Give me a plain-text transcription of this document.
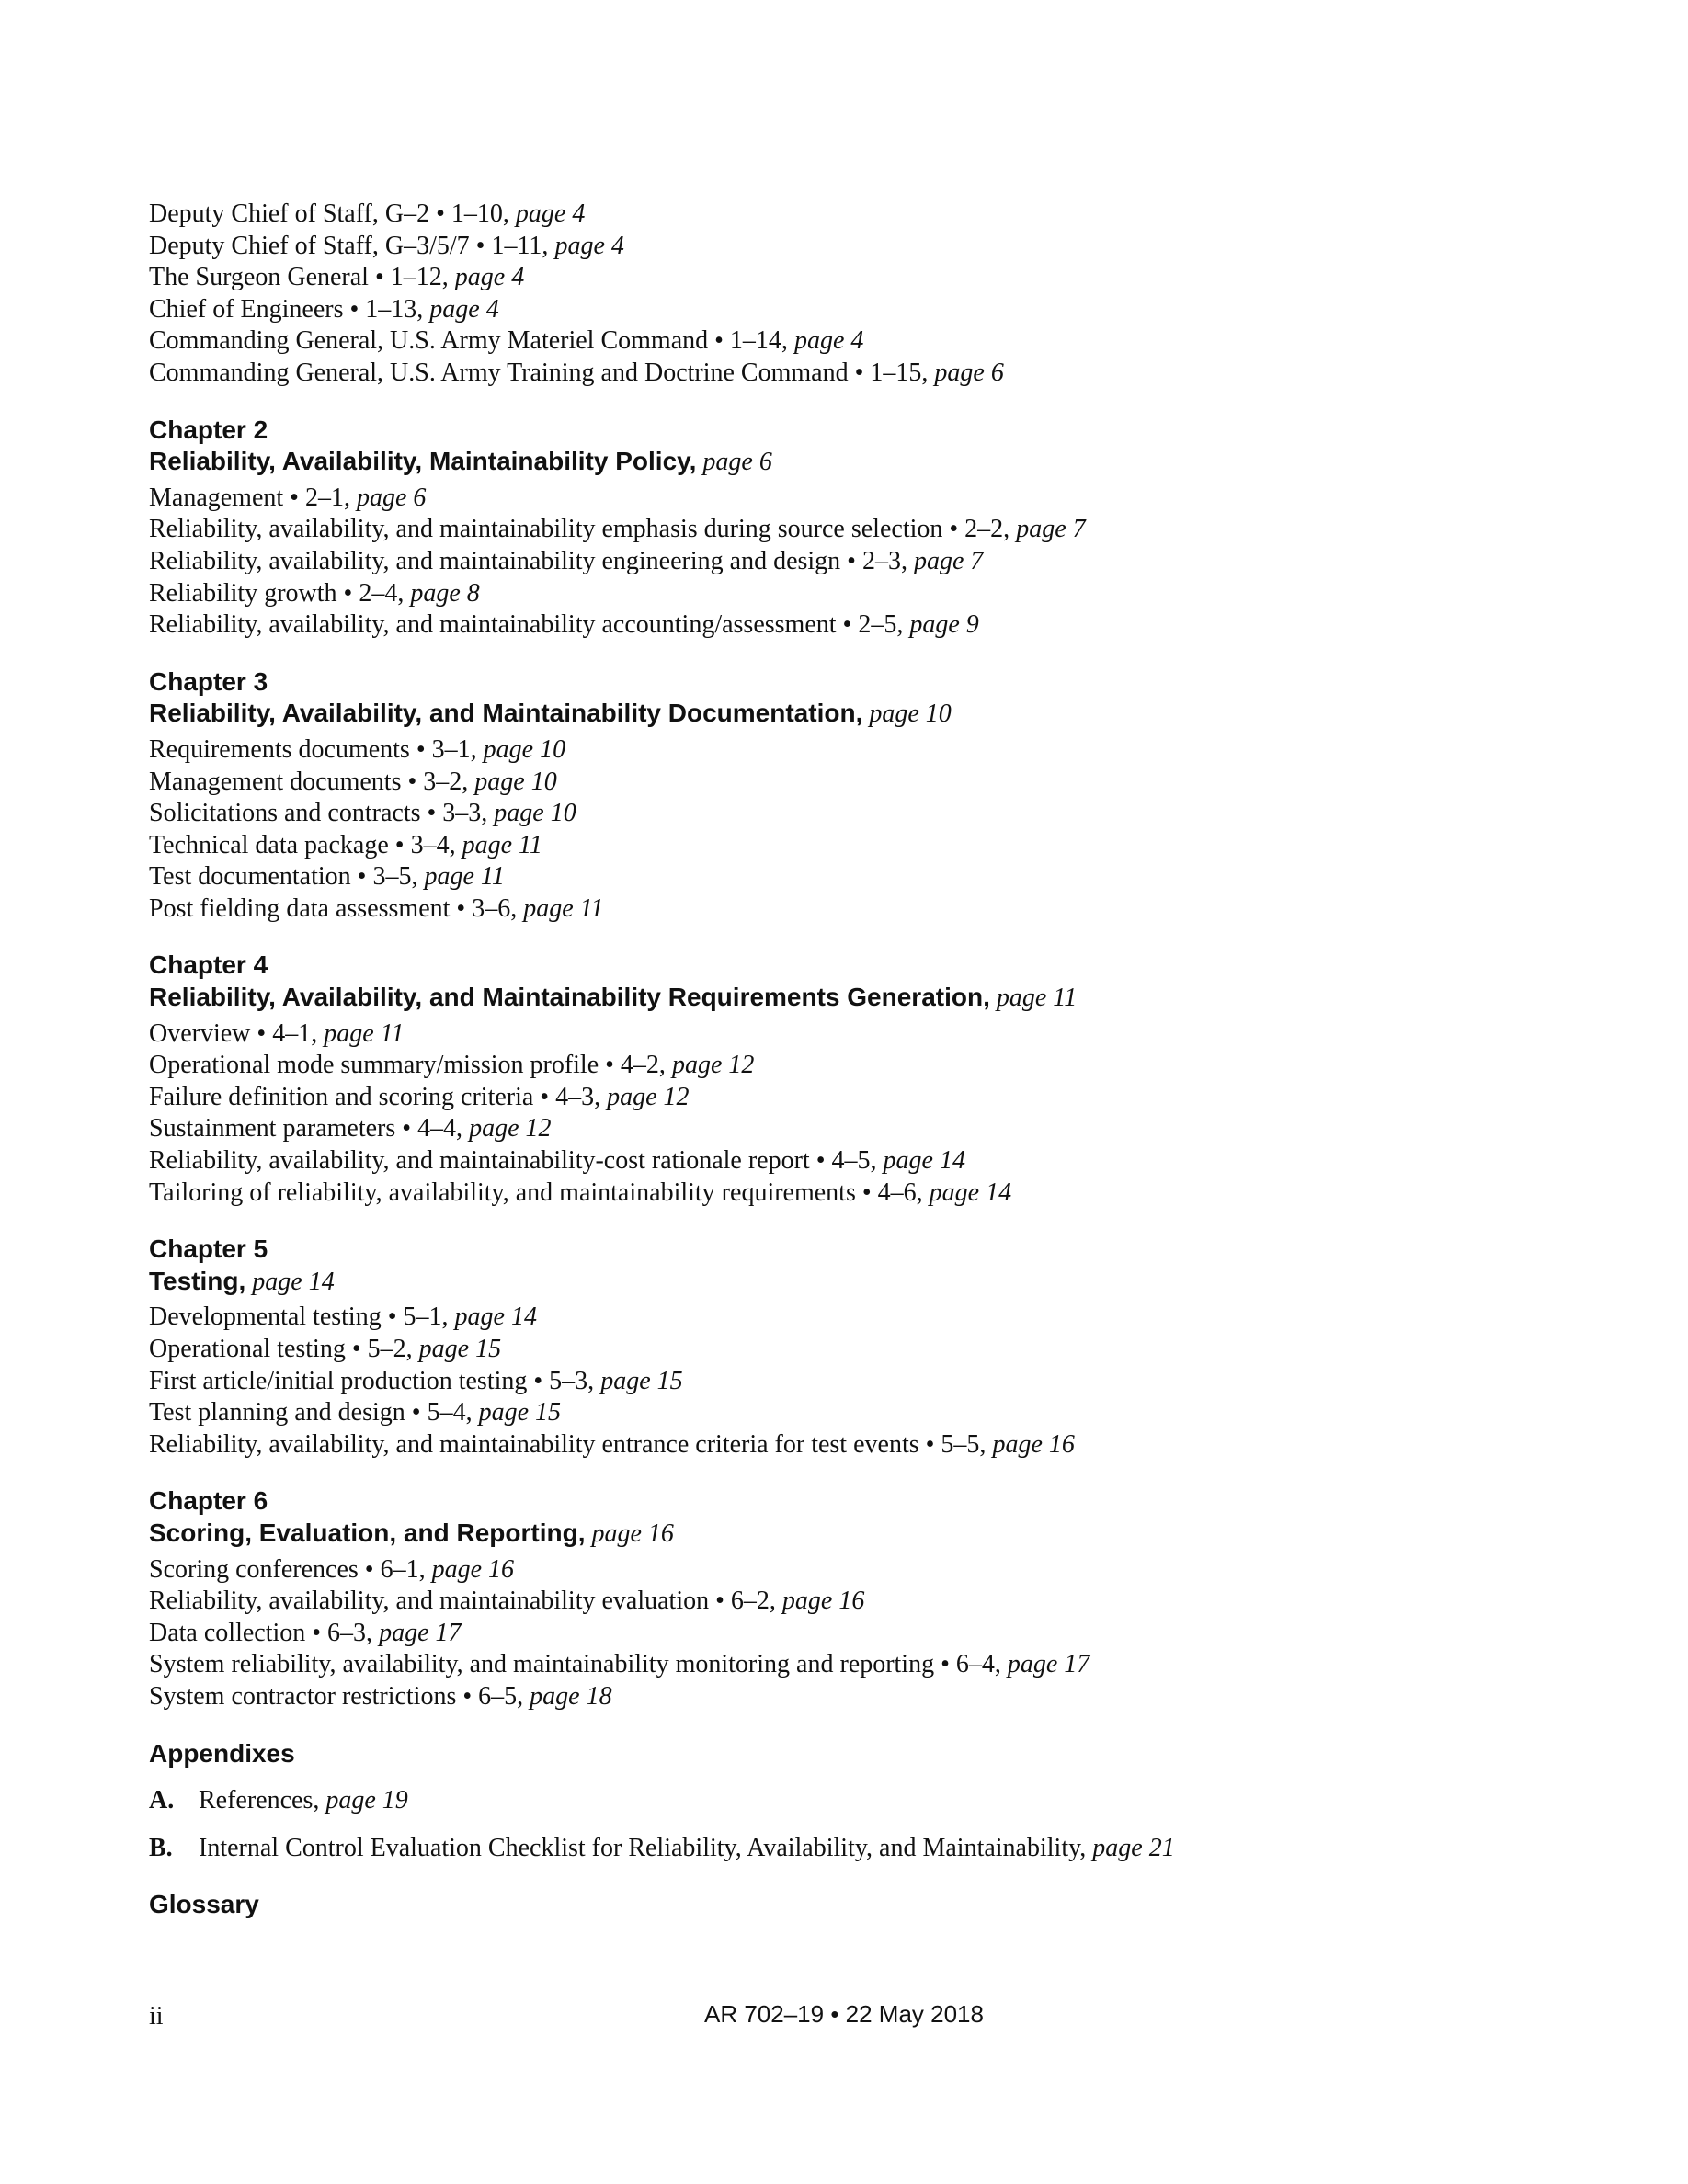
Deputy Chief of Staff, G–2 • 1–10, page 4
Deputy Chief of Staff, G–3/5/7 • 1–11, page 4
The Surgeon General • 1–12, page 4
Chief of Engineers • 1–13, page 4
Commanding General, U.S. Army Materiel Command • 1–14, page 4
Commanding General, U.S. Army Training and Doctrine Command • 1–15, page 6
Chapter 2
Reliability, Availability, Maintainability Policy, page 6
Management • 2–1, page 6
Reliability, availability, and maintainability emphasis during source selection • 2–2, page 7
Reliability, availability, and maintainability engineering and design • 2–3, page 7
Reliability growth • 2–4, page 8
Reliability, availability, and maintainability accounting/assessment • 2–5, page 9
Chapter 3
Reliability, Availability, and Maintainability Documentation, page 10
Requirements documents • 3–1, page 10
Management documents • 3–2, page 10
Solicitations and contracts • 3–3, page 10
Technical data package • 3–4, page 11
Test documentation • 3–5, page 11
Post fielding data assessment • 3–6, page 11
Chapter 4
Reliability, Availability, and Maintainability Requirements Generation, page 11
Overview • 4–1, page 11
Operational mode summary/mission profile • 4–2, page 12
Failure definition and scoring criteria • 4–3, page 12
Sustainment parameters • 4–4, page 12
Reliability, availability, and maintainability-cost rationale report • 4–5, page 14
Tailoring of reliability, availability, and maintainability requirements • 4–6, page 14
Chapter 5
Testing, page 14
Developmental testing • 5–1, page 14
Operational testing • 5–2, page 15
First article/initial production testing • 5–3, page 15
Test planning and design • 5–4, page 15
Reliability, availability, and maintainability entrance criteria for test events • 5–5, page 16
Chapter 6
Scoring, Evaluation, and Reporting, page 16
Scoring conferences • 6–1, page 16
Reliability, availability, and maintainability evaluation • 6–2, page 16
Data collection • 6–3, page 17
System reliability, availability, and maintainability monitoring and reporting • 6–4, page 17
System contractor restrictions • 6–5, page 18
Appendixes
A. References, page 19
B. Internal Control Evaluation Checklist for Reliability, Availability, and Maintainability, page 21
Glossary
ii	AR 702–19 • 22 May 2018
